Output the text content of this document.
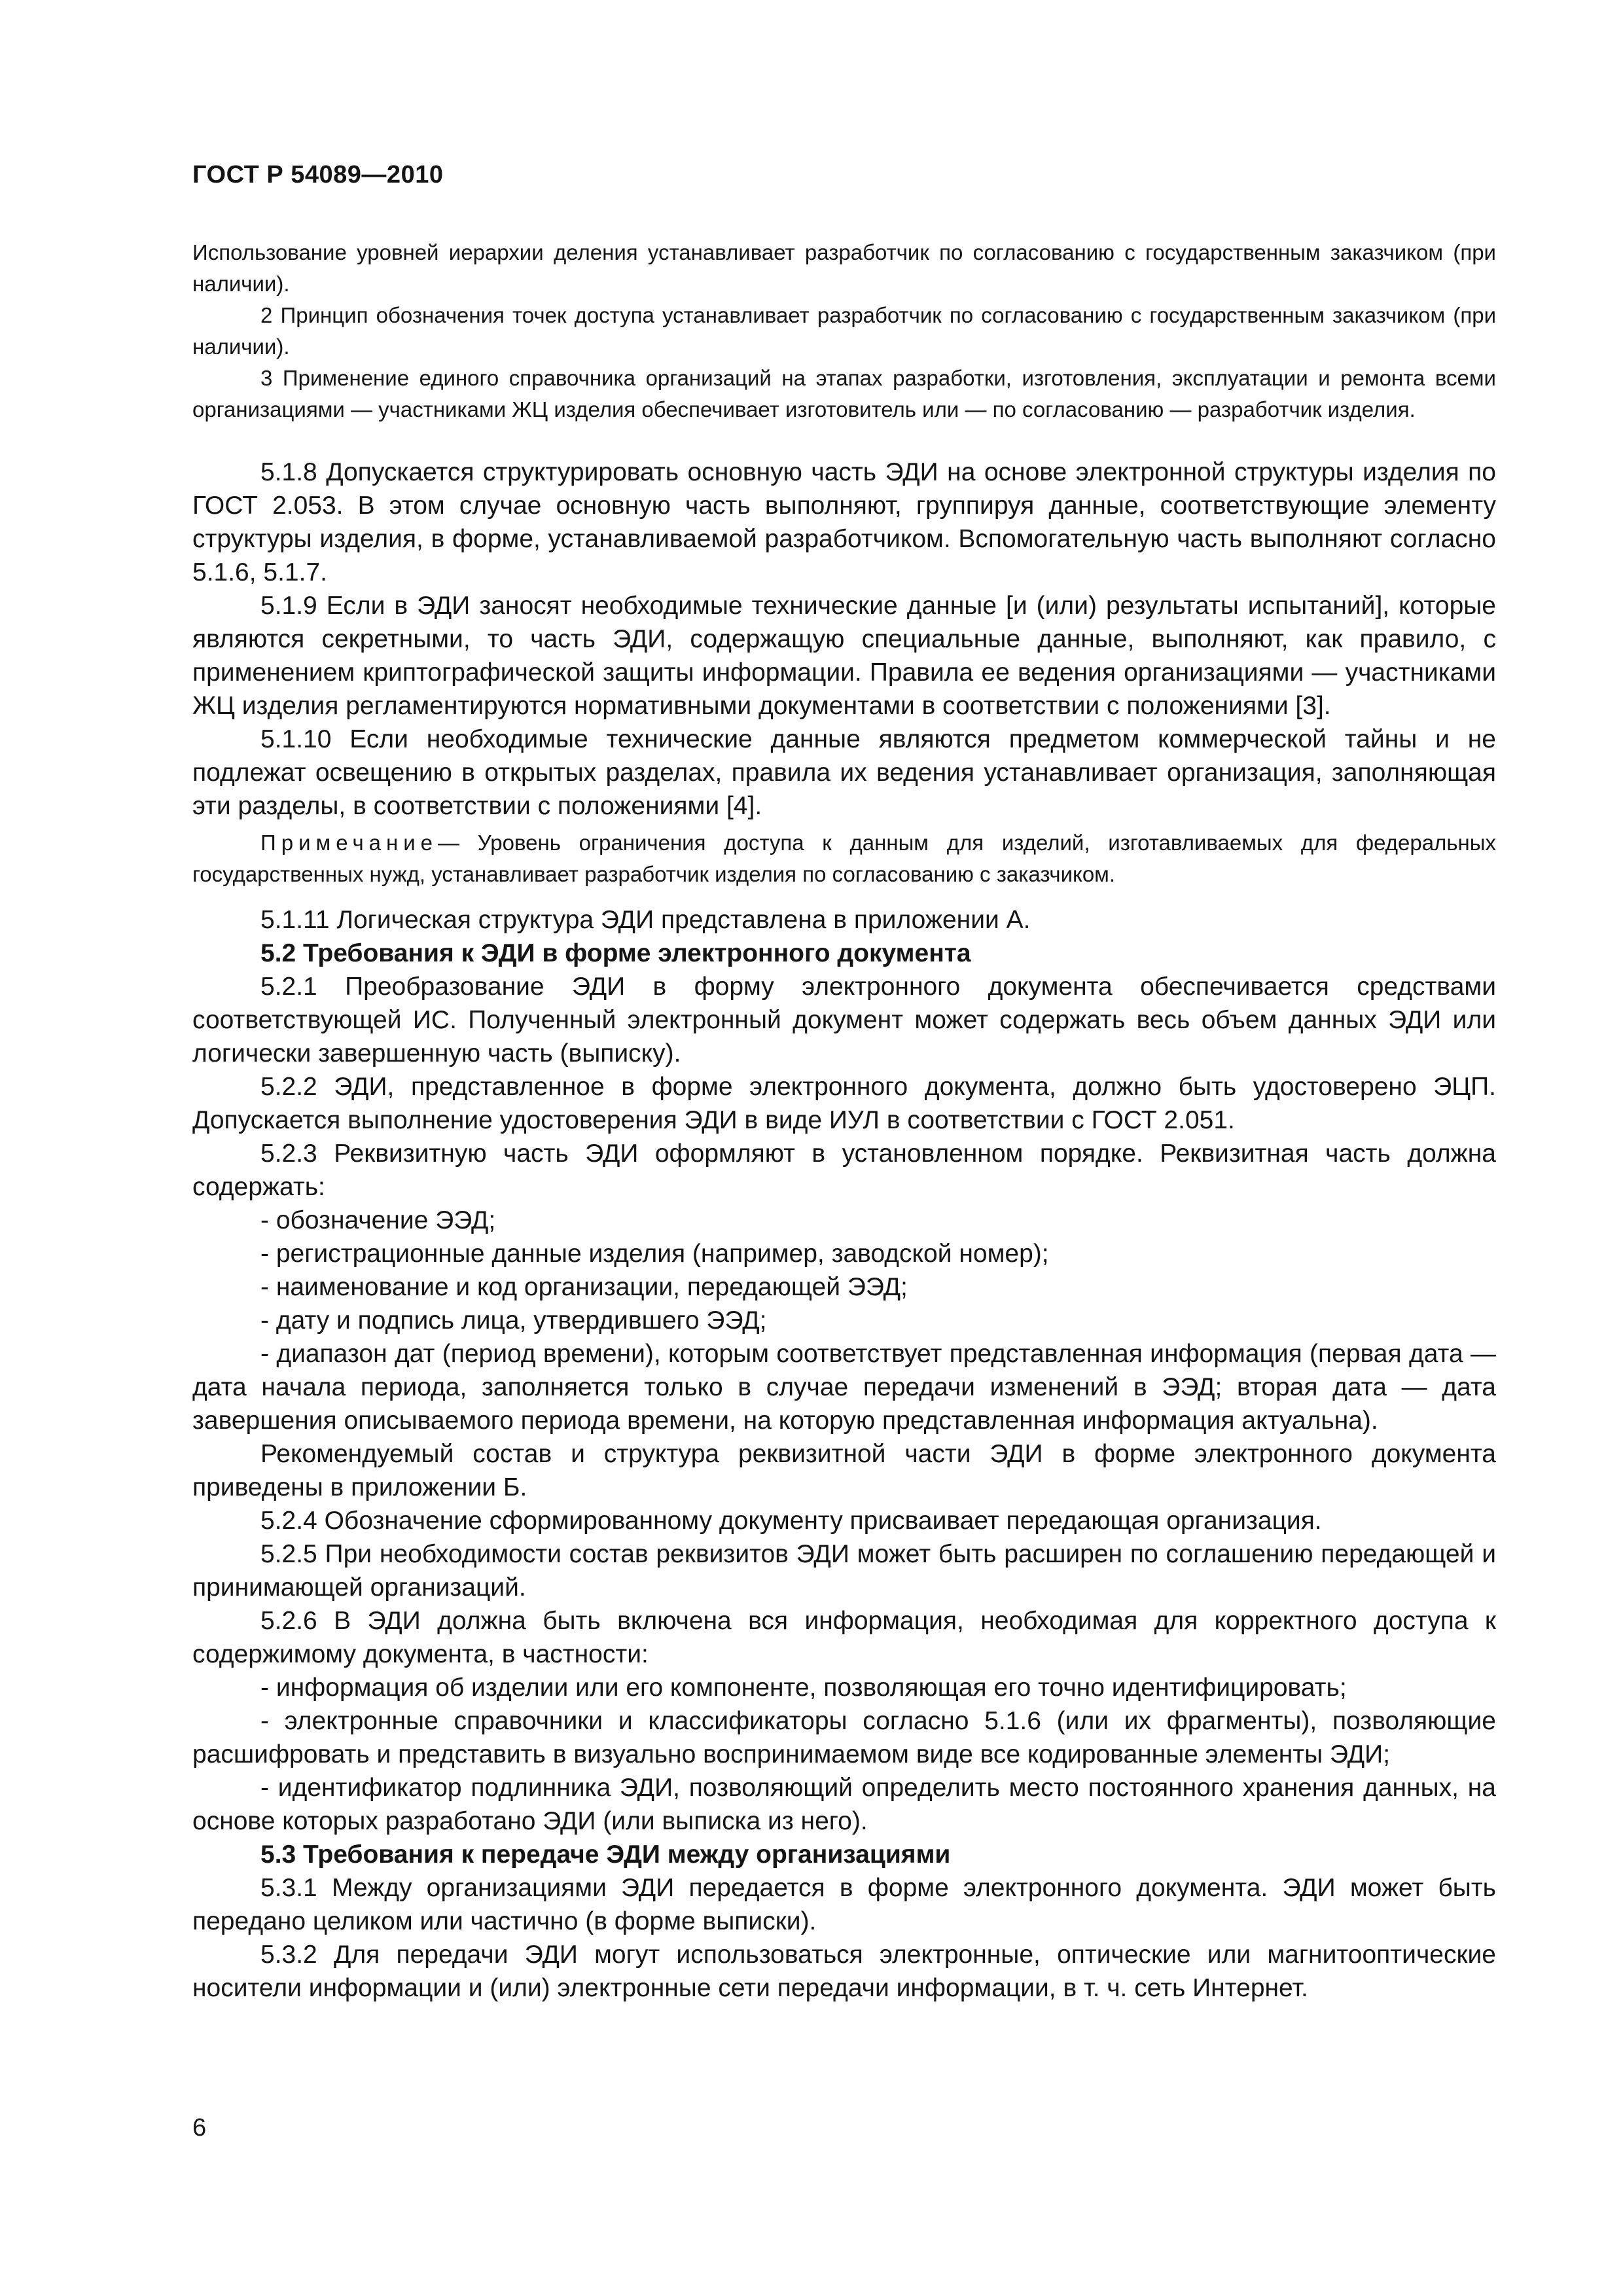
ГОСТ Р 54089—2010

Использование уровней иерархии деления устанавливает разработчик по согласованию с государственным заказчиком (при наличии).

2 Принцип обозначения точек доступа устанавливает разработчик по согласованию с государственным заказчиком (при наличии).

3 Применение единого справочника организаций на этапах разработки, изготовления, эксплуатации и ремонта всеми организациями — участниками ЖЦ изделия обеспечивает изготовитель или — по согласованию — разработчик изделия.

5.1.8 Допускается структурировать основную часть ЭДИ на основе электронной структуры изделия по ГОСТ 2.053. В этом случае основную часть выполняют, группируя данные, соответствующие элементу структуры изделия, в форме, устанавливаемой разработчиком. Вспомогательную часть выполняют согласно 5.1.6, 5.1.7.

5.1.9 Если в ЭДИ заносят необходимые технические данные [и (или) результаты испытаний], которые являются секретными, то часть ЭДИ, содержащую специальные данные, выполняют, как правило, с применением криптографической защиты информации. Правила ее ведения организациями — участниками ЖЦ изделия регламентируются нормативными документами в соответствии с положениями [3].

5.1.10 Если необходимые технические данные являются предметом коммерческой тайны и не подлежат освещению в открытых разделах, правила их ведения устанавливает организация, заполняющая эти разделы, в соответствии с положениями [4].

Примечание— Уровень ограничения доступа к данным для изделий, изготавливаемых для федеральных государственных нужд, устанавливает разработчик изделия по согласованию с заказчиком.

5.1.11 Логическая структура ЭДИ представлена в приложении А.

5.2 Требования к ЭДИ в форме электронного документа

5.2.1 Преобразование ЭДИ в форму электронного документа обеспечивается средствами соответствующей ИС. Полученный электронный документ может содержать весь объем данных ЭДИ или логически завершенную часть (выписку).

5.2.2 ЭДИ, представленное в форме электронного документа, должно быть удостоверено ЭЦП. Допускается выполнение удостоверения ЭДИ в виде ИУЛ в соответствии с ГОСТ 2.051.

5.2.3 Реквизитную часть ЭДИ оформляют в установленном порядке. Реквизитная часть должна содержать:

- обозначение ЭЭД;

- регистрационные данные изделия (например, заводской номер);

- наименование и код организации, передающей ЭЭД;

- дату и подпись лица, утвердившего ЭЭД;

- диапазон дат (период времени), которым соответствует представленная информация (первая дата — дата начала периода, заполняется только в случае передачи изменений в ЭЭД; вторая дата — дата завершения описываемого периода времени, на которую представленная информация актуальна).

Рекомендуемый состав и структура реквизитной части ЭДИ в форме электронного документа приведены в приложении Б.

5.2.4 Обозначение сформированному документу присваивает передающая организация.

5.2.5 При необходимости состав реквизитов ЭДИ может быть расширен по соглашению передающей и принимающей организаций.

5.2.6 В ЭДИ должна быть включена вся информация, необходимая для корректного доступа к содержимому документа, в частности:

- информация об изделии или его компоненте, позволяющая его точно идентифицировать;

- электронные справочники и классификаторы согласно 5.1.6 (или их фрагменты), позволяющие расшифровать и представить в визуально воспринимаемом виде все кодированные элементы ЭДИ;

- идентификатор подлинника ЭДИ, позволяющий определить место постоянного хранения данных, на основе которых разработано ЭДИ (или выписка из него).

5.3 Требования к передаче ЭДИ между организациями

5.3.1 Между организациями ЭДИ передается в форме электронного документа. ЭДИ может быть передано целиком или частично (в форме выписки).

5.3.2 Для передачи ЭДИ могут использоваться электронные, оптические или магнитооптические носители информации и (или) электронные сети передачи информации, в т. ч. сеть Интернет.

6
